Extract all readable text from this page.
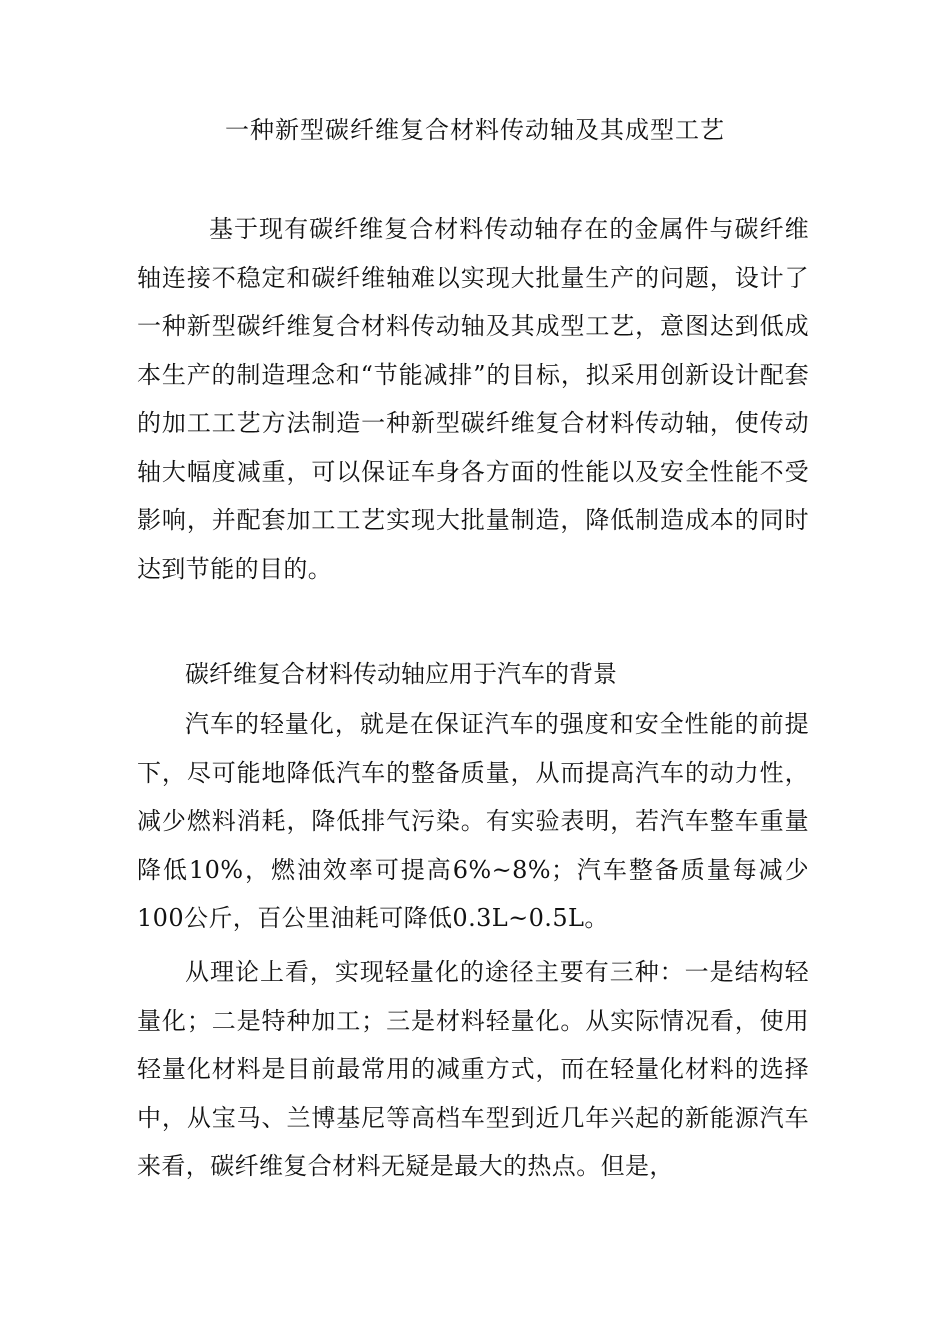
一种新型碳纤维复合材料传动轴及其成型工艺

基于现有碳纤维复合材料传动轴存在的金属件与碳纤维轴连接不稳定和碳纤维轴难以实现大批量生产的问题，设计了一种新型碳纤维复合材料传动轴及其成型工艺，意图达到低成本生产的制造理念和“节能减排”的目标，拟采用创新设计配套的加工工艺方法制造一种新型碳纤维复合材料传动轴，使传动轴大幅度减重，可以保证车身各方面的性能以及安全性能不受影响，并配套加工工艺实现大批量制造，降低制造成本的同时达到节能的目的。

碳纤维复合材料传动轴应用于汽车的背景

汽车的轻量化，就是在保证汽车的强度和安全性能的前提下，尽可能地降低汽车的整备质量，从而提高汽车的动力性，减少燃料消耗，降低排气污染。有实验表明，若汽车整车重量降低10%，燃油效率可提高6%~8%；汽车整备质量每减少100公斤，百公里油耗可降低0.3L~0.5L。

从理论上看，实现轻量化的途径主要有三种：一是结构轻量化；二是特种加工；三是材料轻量化。从实际情况看，使用轻量化材料是目前最常用的减重方式，而在轻量化材料的选择中，从宝马、兰博基尼等高档车型到近几年兴起的新能源汽车来看，碳纤维复合材料无疑是最大的热点。但是，
